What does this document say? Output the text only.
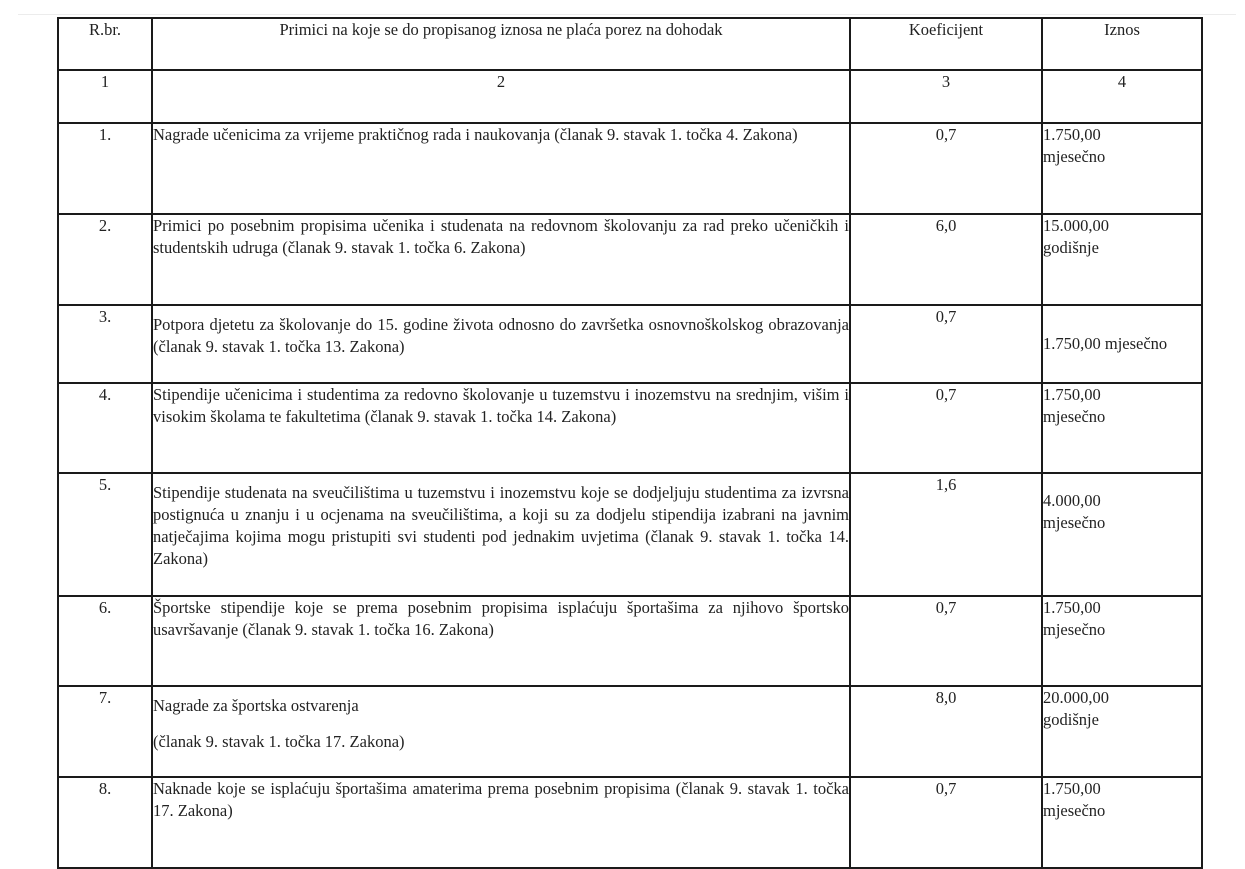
R.br.	Primici na koje se do propisanog iznosa ne plaća porez na dohodak	Koeficijent	Iznos
1	2	3	4
1.	Nagrade učenicima za vrijeme praktičnog rada i naukovanja (članak 9. stavak 1. točka 4. Zakona)	0,7	1.750,00
mjesečno
2.	Primici po posebnim propisima učenika i studenata na redovnom školovanju za rad preko učeničkih i studentskih udruga (članak 9. stavak 1. točka 6. Zakona)	6,0	15.000,00
godišnje
3.	Potpora djetetu za školovanje do 15. godine života odnosno do završetka osnovnoškolskog obrazovanja (članak 9. stavak 1. točka 13. Zakona)	0,7	1.750,00 mjesečno
4.	Stipendije učenicima i studentima za redovno školovanje u tuzemstvu i inozemstvu na srednjim, višim i visokim školama te fakultetima (članak 9. stavak 1. točka 14. Zakona)	0,7	1.750,00
mjesečno
5.	Stipendije studenata na sveučilištima u tuzemstvu i inozemstvu koje se dodjeljuju studentima za izvrsna postignuća u znanju i u ocjenama na sveučilištima, a koji su za dodjelu stipendija izabrani na javnim natječajima kojima mogu pristupiti svi studenti pod jednakim uvjetima (članak 9. stavak 1. točka 14. Zakona)	1,6	4.000,00
mjesečno
6.	Športske stipendije koje se prema posebnim propisima isplaćuju športašima za njihovo športsko usavršavanje (članak 9. stavak 1. točka 16. Zakona)	0,7	1.750,00
mjesečno
7.	Nagrade za športska ostvarenja
(članak 9. stavak 1. točka 17. Zakona)	8,0	20.000,00
godišnje
8.	Naknade koje se isplaćuju športašima amaterima prema posebnim propisima (članak 9. stavak 1. točka 17. Zakona)	0,7	1.750,00
mjesečno
